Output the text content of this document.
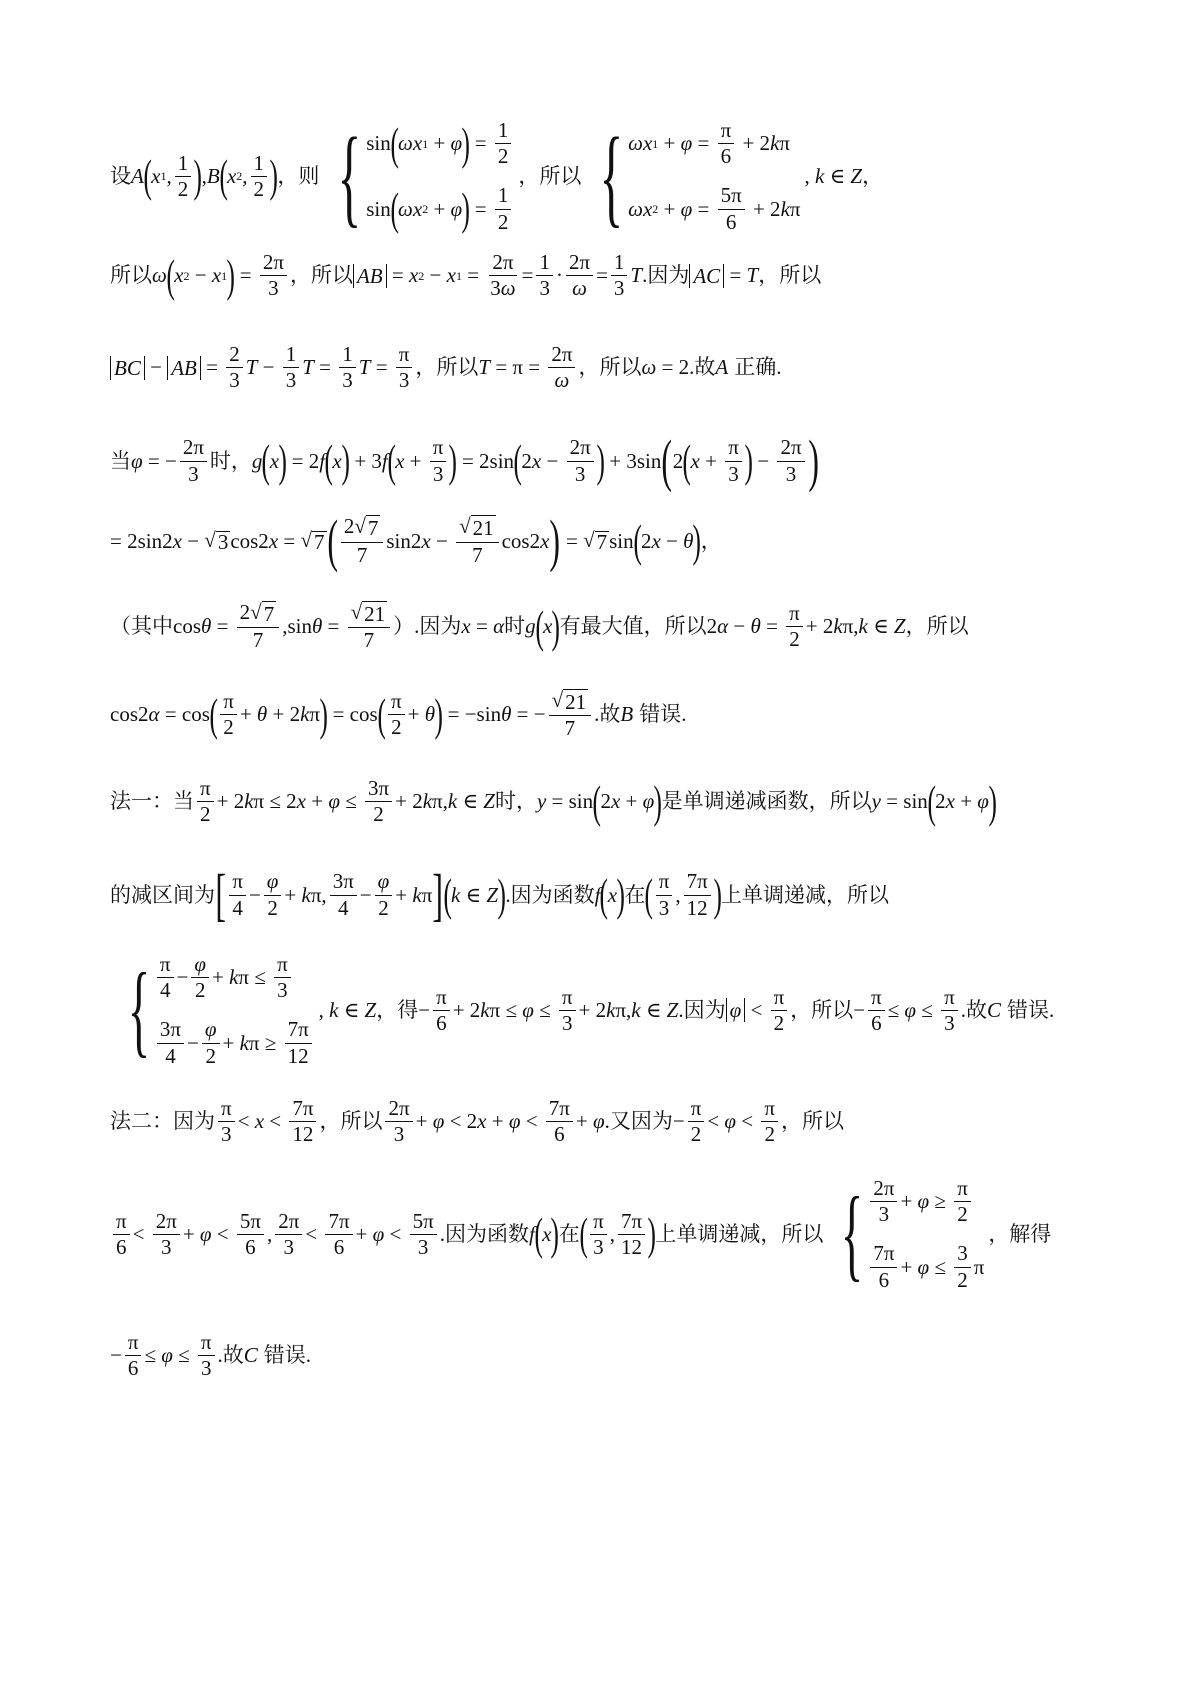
设 A ( x 1 , $\frac{1}{2}$ ) , B ( x 2 , $\frac{1}{2}$ ) ，则 { sin ( ωx 1 + φ ) = $\frac{1}{2}$
sin ( ωx 2 + φ ) = $\frac{1}{2}$
，所以 { ωx $1 + \varphi = \frac{\pi}{6} + 2$ k π
ωx $2 + \varphi = \frac{5\pi}{6} + 2$ k π
, k ∈ Z ，
所以 ω ( x 2 − x 1 ) = $\frac{2\pi}{3}$ ，所以 AB = x 2 − x $1 = \frac{2\pi}{3\omega} = \frac{1}{3} \cdot \frac{2\pi}{\omega} = \frac{1}{3}$ T .因为 AC = T ，所以
BC − AB = $\frac{2}{3}$ $T - \frac{1}{3}$ $T = \frac{1}{3}$ $T = \frac{\pi}{3}$ ，所以 $T = \pi = \frac{2\pi}{\omega}$ ，所以 ω = 2 .故 A 正确.
当 φ = − $\frac{2\pi}{3}$ 时， g ( x ) = 2 f ( x ) + 3 f ( $x + \frac{\pi}{3}$ ) = 2sin ( 2 $x - \frac{2\pi}{3}$ ) + 3sin ( 2 ( $x + \frac{\pi}{3}$ ) − $\frac{2\pi}{3}$ )
= 2sin2 x − √ 3 cos2 x = √ 7 ( $\frac{2 √ 7}{7} \sin 2$ $x - \frac{√ 21}{7} \cos 2$ x ) = √ 7 sin ( 2 x − θ ) ，
（其中 $\cos \theta = \frac{2 √ 7}{7} ,\sin$ $\theta = \frac{√ 21}{7}$ ）.因为 x = α 时 g ( x ) 有最大值，所以 2 $\alpha - \theta = \frac{\pi}{2} + 2$ k π, k ∈ Z ，所以
cos2 α = cos ( $\frac{\pi}{2} + \theta + 2$ k π ) = cos ( $\frac{\pi}{2} + \theta$ ) = −sin θ = − $\frac{√ 21}{7}$ .故 B 错误.
法一：当 $\frac{\pi}{2} + 2$ k π ≤ 2 $x + \varphi \le \frac{3\pi}{2} + 2$ k π, k ∈ Z 时， y = sin ( 2 x + φ ) 是单调递减函数，所以 y = sin ( 2 x + φ )
的减区间为 [ $\frac{\pi}{4} - \frac{\varphi}{2} + k$ π, $\frac{3\pi}{4} - \frac{\varphi}{2} + k$ π ] ( k ∈ Z ) .因为函数 f ( x ) 在 ( $\frac{\pi}{3}$ , $\frac{7\pi}{12}$ ) 上单调递减，所以
{ $\frac{\pi}{4} - \frac{\varphi}{2} + k$ $\pi \le \frac{\pi}{3}$
$\frac{3\pi}{4} - \frac{\varphi}{2} + k$ $\pi \ge \frac{7\pi}{12}$
, k ∈ Z ，得 − $\frac{\pi}{6} + 2$ k $\pi \le \varphi \le \frac{\pi}{3} + 2$ k π, k ∈ Z .因为 $\varphi < \frac{\pi}{2}$ ，所以 − $\frac{\pi}{6} \le \varphi \le \frac{\pi}{3}$ .故 C 错误.
法二：因为 $\frac{\pi}{3} < x < \frac{7\pi}{12}$ ，所以 $\frac{2\pi}{3} + \varphi < 2$ $x + \varphi < \frac{7\pi}{6} + \varphi$ .又因为 − $\frac{\pi}{2} < \varphi < \frac{\pi}{2}$ ，所以
$\frac{\pi}{6} < \frac{2\pi}{3} + \varphi < \frac{5\pi}{6}$ , $\frac{2\pi}{3} < \frac{7\pi}{6} + \varphi < \frac{5\pi}{3}$ .因为函数 f ( x ) 在 ( $\frac{\pi}{3}$ , $\frac{7\pi}{12}$ ) 上单调递减，所以 { $\frac{2\pi}{3} + \varphi \ge \frac{\pi}{2}$
$\frac{7\pi}{6} + \varphi \le \frac{3}{2}$ π
，解得
− $\frac{\pi}{6} \le \varphi \le \frac{\pi}{3}$ .故 C 错误.
